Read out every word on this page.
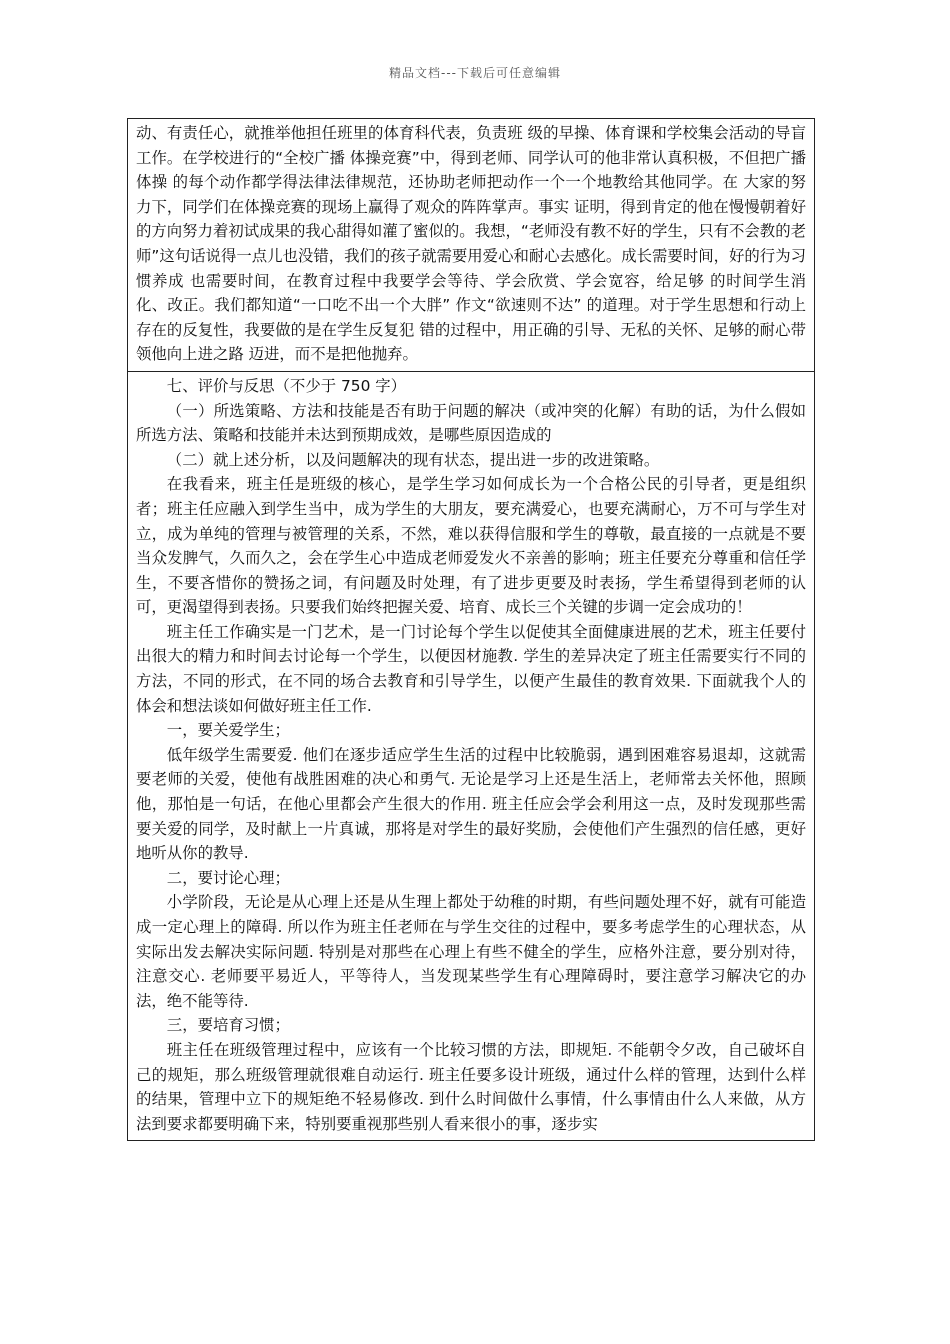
精品文档---下载后可任意编辑

动、有责任心，就推举他担任班里的体育科代表，负责班 级的早操、体育课和学校集会活动的导盲工作。在学校进行的“全校广播 体操竞赛”中，得到老师、同学认可的他非常认真积极，不但把广播体操 的每个动作都学得法律法律规范，还协助老师把动作一个一个地教给其他同学。在 大家的努力下，同学们在体操竞赛的现场上赢得了观众的阵阵掌声。事实 证明，得到肯定的他在慢慢朝着好的方向努力着初试成果的我心甜得如灌了蜜似的。我想，“老师没有教不好的学生，只有不会教的老师”这句话说得一点儿也没错，我们的孩子就需要用爱心和耐心去感化。成长需要时间，好的行为习惯养成 也需要时间，在教育过程中我要学会等待、学会欣赏、学会宽容，给足够 的时间学生消化、改正。我们都知道“一口吃不出一个大胖” 作文“欲速则不达” 的道理。对于学生思想和行动上存在的反复性，我要做的是在学生反复犯 错的过程中，用正确的引导、无私的关怀、足够的耐心带领他向上进之路 迈进，而不是把他抛弃。

七、评价与反思（不少于 750 字）

（一）所选策略、方法和技能是否有助于问题的解决（或冲突的化解）有助的话，为什么假如所选方法、策略和技能并未达到预期成效，是哪些原因造成的

（二）就上述分析，以及问题解决的现有状态，提出进一步的改进策略。

在我看来，班主任是班级的核心，是学生学习如何成长为一个合格公民的引导者，更是组织者；班主任应融入到学生当中，成为学生的大朋友，要充满爱心，也要充满耐心，万不可与学生对立，成为单纯的管理与被管理的关系，不然，难以获得信服和学生的尊敬，最直接的一点就是不要当众发脾气，久而久之，会在学生心中造成老师爱发火不亲善的影响；班主任要充分尊重和信任学生，不要吝惜你的赞扬之词，有问题及时处理，有了进步更要及时表扬，学生希望得到老师的认可，更渴望得到表扬。只要我们始终把握关爱、培育、成长三个关键的步调一定会成功的！

班主任工作确实是一门艺术，是一门讨论每个学生以促使其全面健康进展的艺术，班主任要付出很大的精力和时间去讨论每一个学生，以便因材施教. 学生的差异决定了班主任需要实行不同的方法，不同的形式，在不同的场合去教育和引导学生，以便产生最佳的教育效果. 下面就我个人的体会和想法谈如何做好班主任工作.

一，要关爱学生；

低年级学生需要爱. 他们在逐步适应学生生活的过程中比较脆弱，遇到困难容易退却，这就需要老师的关爱，使他有战胜困难的决心和勇气. 无论是学习上还是生活上，老师常去关怀他，照顾他，那怕是一句话，在他心里都会产生很大的作用. 班主任应会学会利用这一点，及时发现那些需要关爱的同学，及时献上一片真诚，那将是对学生的最好奖励，会使他们产生强烈的信任感，更好地听从你的教导.

二，要讨论心理；

小学阶段，无论是从心理上还是从生理上都处于幼稚的时期，有些问题处理不好，就有可能造成一定心理上的障碍. 所以作为班主任老师在与学生交往的过程中，要多考虑学生的心理状态，从实际出发去解决实际问题. 特别是对那些在心理上有些不健全的学生，应格外注意，要分别对待，注意交心. 老师要平易近人，平等待人，当发现某些学生有心理障碍时，要注意学习解决它的办法，绝不能等待.

三，要培育习惯；

班主任在班级管理过程中，应该有一个比较习惯的方法，即规矩. 不能朝令夕改，自己破坏自己的规矩，那么班级管理就很难自动运行. 班主任要多设计班级，通过什么样的管理，达到什么样的结果，管理中立下的规矩绝不轻易修改. 到什么时间做什么事情，什么事情由什么人来做，从方法到要求都要明确下来，特别要重视那些别人看来很小的事，逐步实
